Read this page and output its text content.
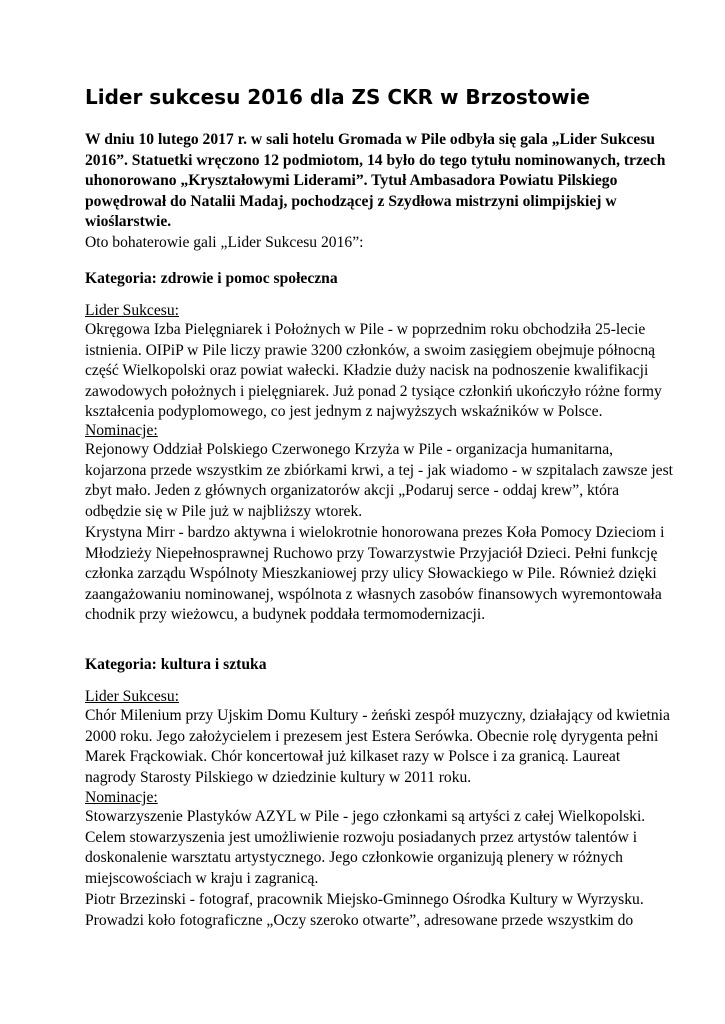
Lider sukcesu 2016 dla ZS CKR w Brzostowie
W dniu 10 lutego 2017 r. w sali hotelu Gromada w Pile odbyła się gala „Lider Sukcesu
2016”. Statuetki wręczono 12 podmiotom, 14 było do tego tytułu nominowanych, trzech
uhonorowano „Kryształowymi Liderami”. Tytuł Ambasadora Powiatu Pilskiego
powędrował do Natalii Madaj, pochodzącej z Szydłowa mistrzyni olimpijskiej w
wioślarstwie.
Oto bohaterowie gali „Lider Sukcesu 2016”:
Kategoria: zdrowie i pomoc społeczna
Lider Sukcesu:
Okręgowa Izba Pielęgniarek i Położnych w Pile - w poprzednim roku obchodziła 25-lecie
istnienia. OIPiP w Pile liczy prawie 3200 członków, a swoim zasięgiem obejmuje północną
część Wielkopolski oraz powiat wałecki. Kładzie duży nacisk na podnoszenie kwalifikacji
zawodowych położnych i pielęgniarek. Już ponad 2 tysiące członkiń ukończyło różne formy
kształcenia podyplomowego, co jest jednym z najwyższych wskaźników w Polsce.
Nominacje:
Rejonowy Oddział Polskiego Czerwonego Krzyża w Pile - organizacja humanitarna,
kojarzona przede wszystkim ze zbiórkami krwi, a tej - jak wiadomo - w szpitalach zawsze jest
zbyt mało. Jeden z głównych organizatorów akcji „Podaruj serce - oddaj krew”, która
odbędzie się w Pile już w najbliższy wtorek.
Krystyna Mirr - bardzo aktywna i wielokrotnie honorowana prezes Koła Pomocy Dzieciom i
Młodzieży Niepełnosprawnej Ruchowo przy Towarzystwie Przyjaciół Dzieci. Pełni funkcję
członka zarządu Wspólnoty Mieszkaniowej przy ulicy Słowackiego w Pile. Również dzięki
zaangażowaniu nominowanej, wspólnota z własnych zasobów finansowych wyremontowała
chodnik przy wieżowcu, a budynek poddała termomodernizacji.
Kategoria: kultura i sztuka
Lider Sukcesu:
Chór Milenium przy Ujskim Domu Kultury - żeński zespół muzyczny, działający od kwietnia
2000 roku. Jego założycielem i prezesem jest Estera Serówka. Obecnie rolę dyrygenta pełni
Marek Frąckowiak. Chór koncertował już kilkaset razy w Polsce i za granicą. Laureat
nagrody Starosty Pilskiego w dziedzinie kultury w 2011 roku.
Nominacje:
Stowarzyszenie Plastyków AZYL w Pile - jego członkami są artyści z całej Wielkopolski.
Celem stowarzyszenia jest umożliwienie rozwoju posiadanych przez artystów talentów i
doskonalenie warsztatu artystycznego. Jego członkowie organizują plenery w różnych
miejscowościach w kraju i zagranicą.
Piotr Brzezinski - fotograf, pracownik Miejsko-Gminnego Ośrodka Kultury w Wyrzysku.
Prowadzi koło fotograficzne „Oczy szeroko otwarte”, adresowane przede wszystkim do
